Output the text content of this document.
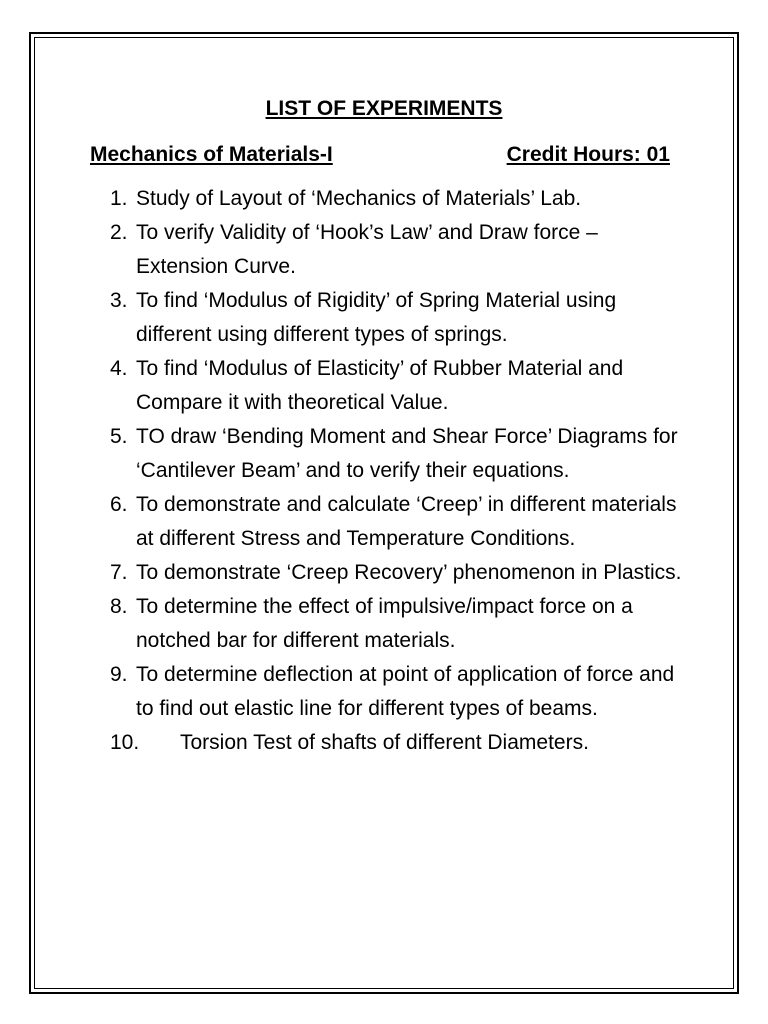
LIST OF EXPERIMENTS
Mechanics of Materials-I	Credit Hours: 01
1. Study of Layout of ‘Mechanics of Materials’ Lab.
2. To verify Validity of ‘Hook’s Law’ and Draw force – Extension Curve.
3. To find ‘Modulus of Rigidity’ of Spring Material using different using different types of springs.
4. To find ‘Modulus of Elasticity’ of Rubber Material and Compare it with theoretical Value.
5. TO draw ‘Bending Moment and Shear Force’ Diagrams for ‘Cantilever Beam’ and to verify their equations.
6. To demonstrate and calculate ‘Creep’ in different materials at different Stress and Temperature Conditions.
7. To demonstrate ‘Creep Recovery’ phenomenon in Plastics.
8. To determine the effect of impulsive/impact force on a notched bar for different materials.
9. To determine deflection at point of application of force and to find out elastic line for different types of beams.
10. Torsion Test of shafts of different Diameters.
